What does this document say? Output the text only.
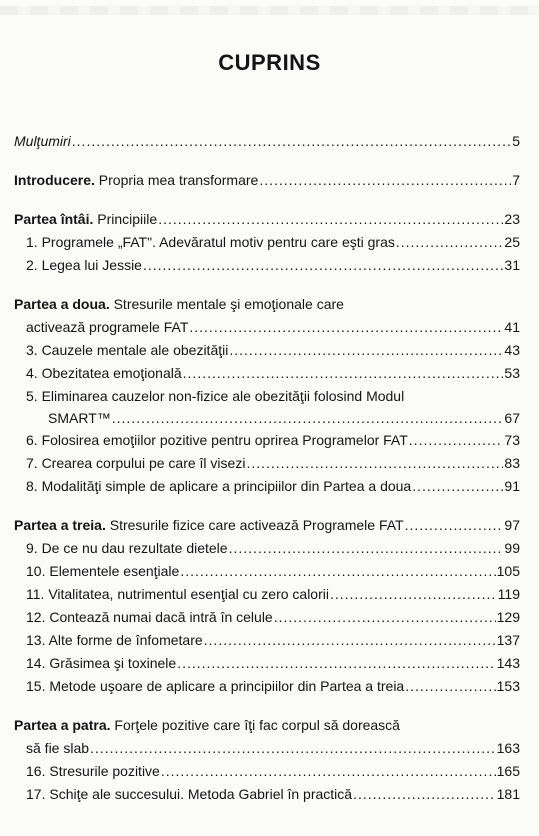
CUPRINS
Mulţumiri .....	5
Introducere. Propria mea transformare .....	7
Partea întâi. Principiile .....	23
1. Programele „FAT". Adevăratul motiv pentru care eşti gras .....	25
2. Legea lui Jessie .....	31
Partea a doua. Stresurile mentale şi emoţionale care
activează programele FAT .....	41
3. Cauzele mentale ale obezităţii .....	43
4. Obezitatea emoţională .....	53
5. Eliminarea cauzelor non-fizice ale obezităţii folosind Modul
SMART™ .....	67
6. Folosirea emoţiilor pozitive pentru oprirea Programelor FAT .....	73
7. Crearea corpului pe care îl visezi .....	83
8. Modalităţi simple de aplicare a principiilor din Partea a doua .....	91
Partea a treia. Stresurile fizice care activează Programele FAT .....	97
9. De ce nu dau rezultate dietele .....	99
10. Elementele esenţiale .....	105
11. Vitalitatea, nutrimentul esenţial cu zero calorii .....	119
12. Contează numai dacă intră în celule .....	129
13. Alte forme de înfometare .....	137
14. Grăsimea şi toxinele .....	143
15. Metode uşoare de aplicare a principiilor din Partea a treia .....	153
Partea a patra. Forţele pozitive care îţi fac corpul să dorească
să fie slab .....	163
16. Stresurile pozitive .....	165
17. Schiţe ale succesului. Metoda Gabriel în practică .....	181
